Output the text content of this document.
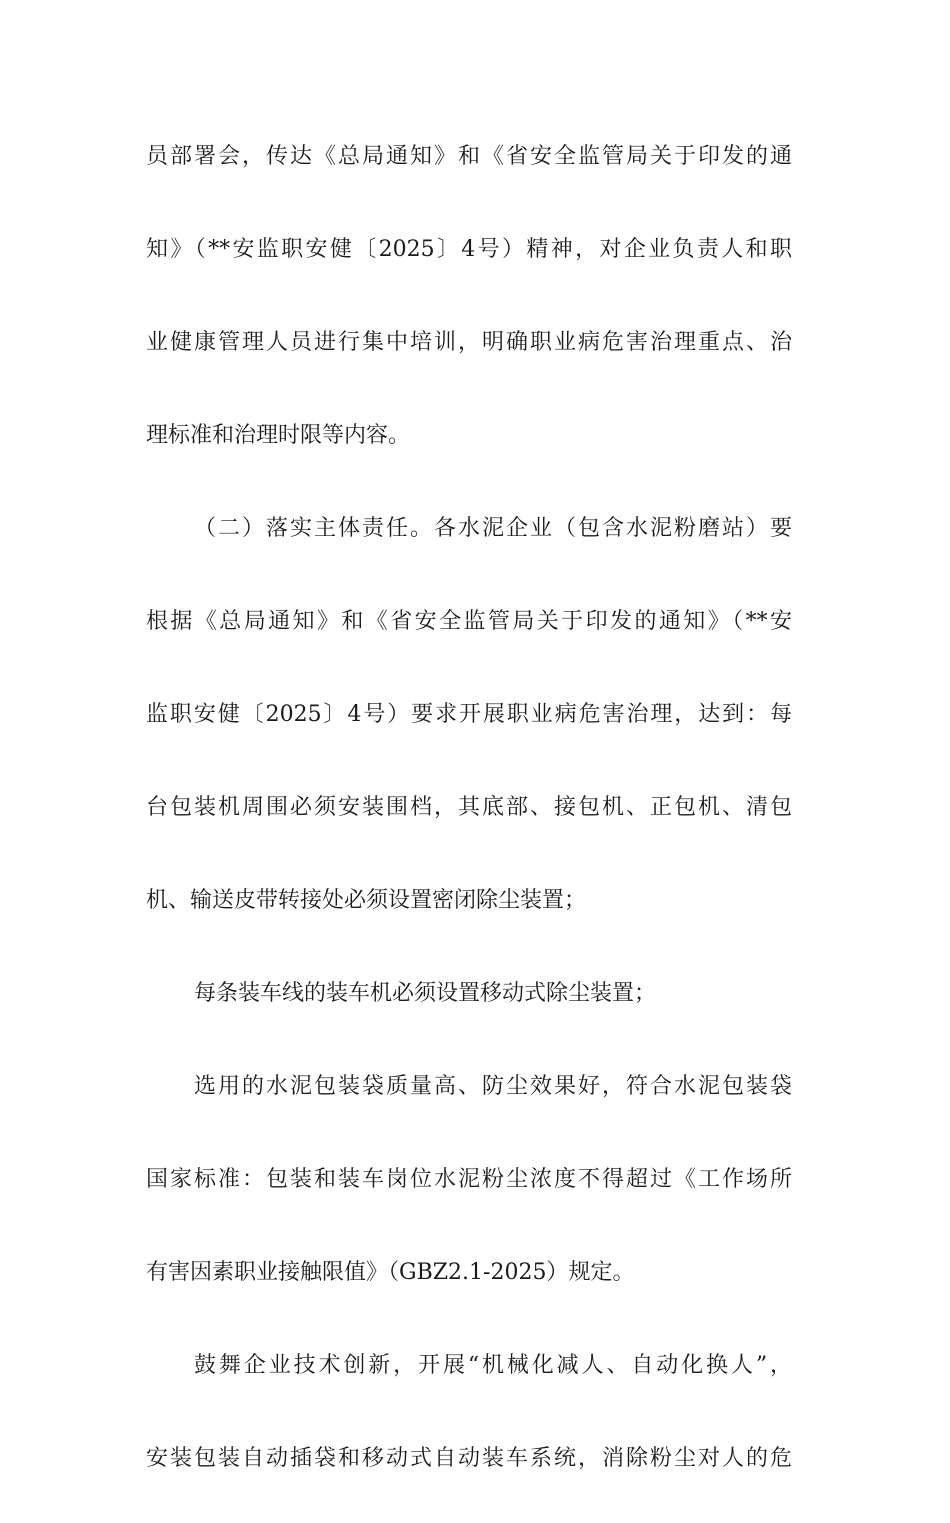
员部署会，传达《总局通知》和《省安全监管局关于印发的通

知》（**安监职安健〔2025〕4号）精神，对企业负责人和职

业健康管理人员进行集中培训，明确职业病危害治理重点、治

理标准和治理时限等内容。

（二）落实主体责任。各水泥企业（包含水泥粉磨站）要

根据《总局通知》和《省安全监管局关于印发的通知》（**安

监职安健〔2025〕4号）要求开展职业病危害治理，达到：每

台包装机周围必须安装围档，其底部、接包机、正包机、清包

机、输送皮带转接处必须设置密闭除尘装置；

每条装车线的装车机必须设置移动式除尘装置；

选用的水泥包装袋质量高、防尘效果好，符合水泥包装袋

国家标准：包装和装车岗位水泥粉尘浓度不得超过《工作场所

有害因素职业接触限值》（GBZ2.1-2025）规定。

鼓舞企业技术创新，开展“机械化减人、自动化换人”，

安装包装自动插袋和移动式自动装车系统，消除粉尘对人的危
